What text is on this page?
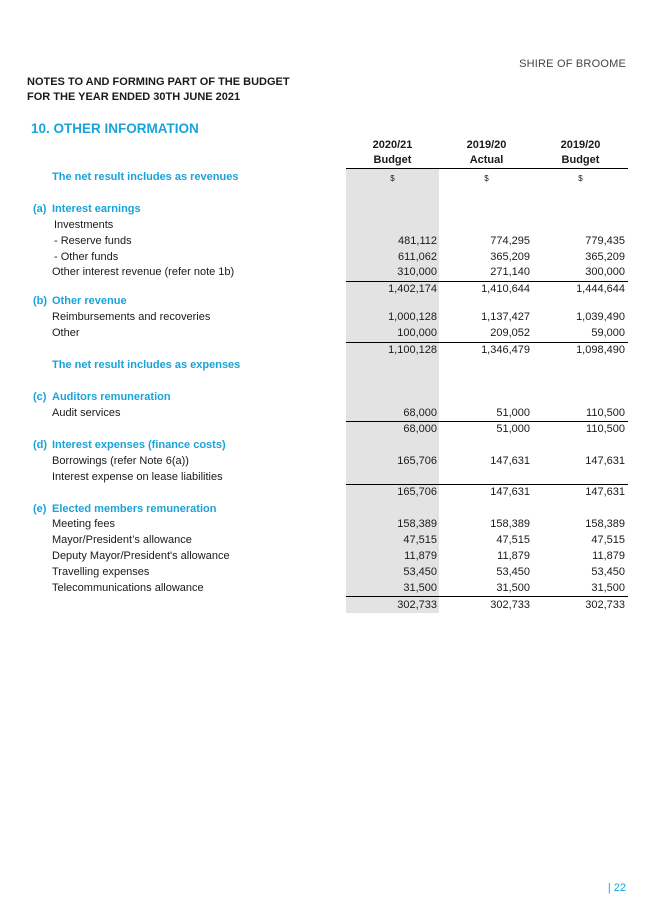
SHIRE OF BROOME
NOTES TO AND FORMING PART OF THE BUDGET
FOR THE YEAR ENDED 30TH JUNE 2021
10. OTHER INFORMATION
2020/21	2019/20	2019/20
Budget	Actual	Budget
$	$	$
The net result includes as revenues
(a) Interest earnings
Investments
- Reserve funds	481,112	774,295	779,435
- Other funds	611,062	365,209	365,209
Other interest revenue (refer note 1b)	310,000	271,140	300,000
1,402,174	1,410,644	1,444,644
(b) Other revenue
Reimbursements and recoveries	1,000,128	1,137,427	1,039,490
Other	100,000	209,052	59,000
1,100,128	1,346,479	1,098,490
The net result includes as expenses
(c) Auditors remuneration
Audit services	68,000	51,000	110,500
68,000	51,000	110,500
(d) Interest expenses (finance costs)
Borrowings (refer Note 6(a))	165,706	147,631	147,631
Interest expense on lease liabilities
165,706	147,631	147,631
(e) Elected members remuneration
Meeting fees	158,389	158,389	158,389
Mayor/President’s allowance	47,515	47,515	47,515
Deputy Mayor/President's allowance	11,879	11,879	11,879
Travelling expenses	53,450	53,450	53,450
Telecommunications allowance	31,500	31,500	31,500
302,733	302,733	302,733
| 22
